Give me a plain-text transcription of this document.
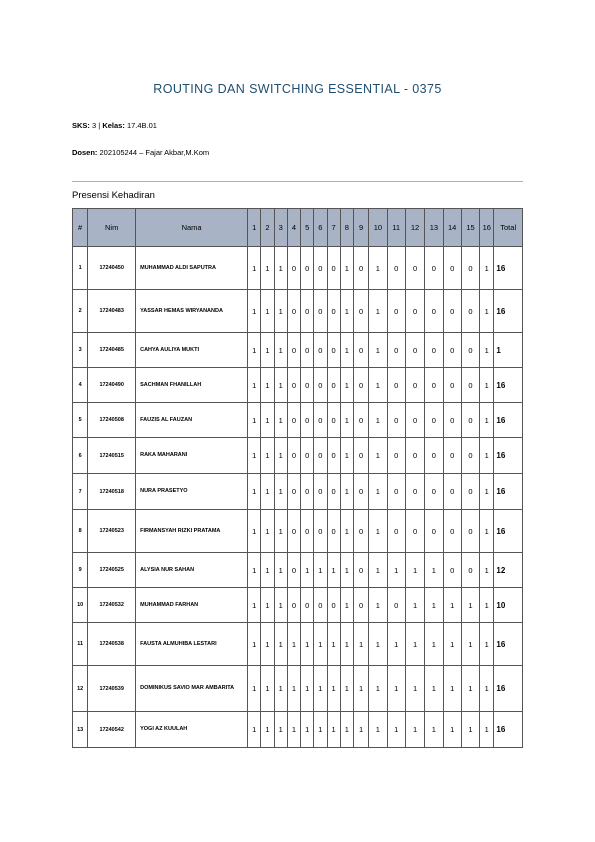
ROUTING DAN SWITCHING ESSENTIAL - 0375
SKS: 3 | Kelas: 17.4B.01
Dosen: 202105244 – Fajar Akbar,M.Kom
Presensi Kehadiran
#	Nim	Nama	1	2	3	4	5	6	7	8	9	10	11	12	13	14	15	16	Total
1	17240450	MUHAMMAD ALDI SAPUTRA	1	1	1	0	0	0	0	1	0	1	0	0	0	0	0	1	16
2	17240483	YASSAR HEMAS WIRYANANDA	1	1	1	0	0	0	0	1	0	1	0	0	0	0	0	1	16
3	17240485	CAHYA AULIYA MUKTI	1	1	1	0	0	0	0	1	0	1	0	0	0	0	0	1	1
4	17240490	SACHMAN FHANILLAH	1	1	1	0	0	0	0	1	0	1	0	0	0	0	0	1	16
5	17240508	FAUZIS AL FAUZAN	1	1	1	0	0	0	0	1	0	1	0	0	0	0	0	1	16
6	17240515	RAKA MAHARANI	1	1	1	0	0	0	0	1	0	1	0	0	0	0	0	1	16
7	17240518	NURA PRASETYO	1	1	1	0	0	0	0	1	0	1	0	0	0	0	0	1	16
8	17240523	FIRMANSYAH RIZKI PRATAMA	1	1	1	0	0	0	0	1	0	1	0	0	0	0	0	1	16
9	17240525	ALYSIA NUR SAHAN	1	1	1	0	1	1	1	1	0	1	1	1	1	0	0	1	12
10	17240532	MUHAMMAD FARHAN	1	1	1	0	0	0	0	1	0	1	0	1	1	1	1	1	10
11	17240538	FAUSTA ALMUHIBA LESTARI	1	1	1	1	1	1	1	1	1	1	1	1	1	1	1	1	16
12	17240539	DOMINIKUS SAVIO MAR AMBARITA	1	1	1	1	1	1	1	1	1	1	1	1	1	1	1	1	16
13	17240542	YOGI AZ KUULAH	1	1	1	1	1	1	1	1	1	1	1	1	1	1	1	1	16
